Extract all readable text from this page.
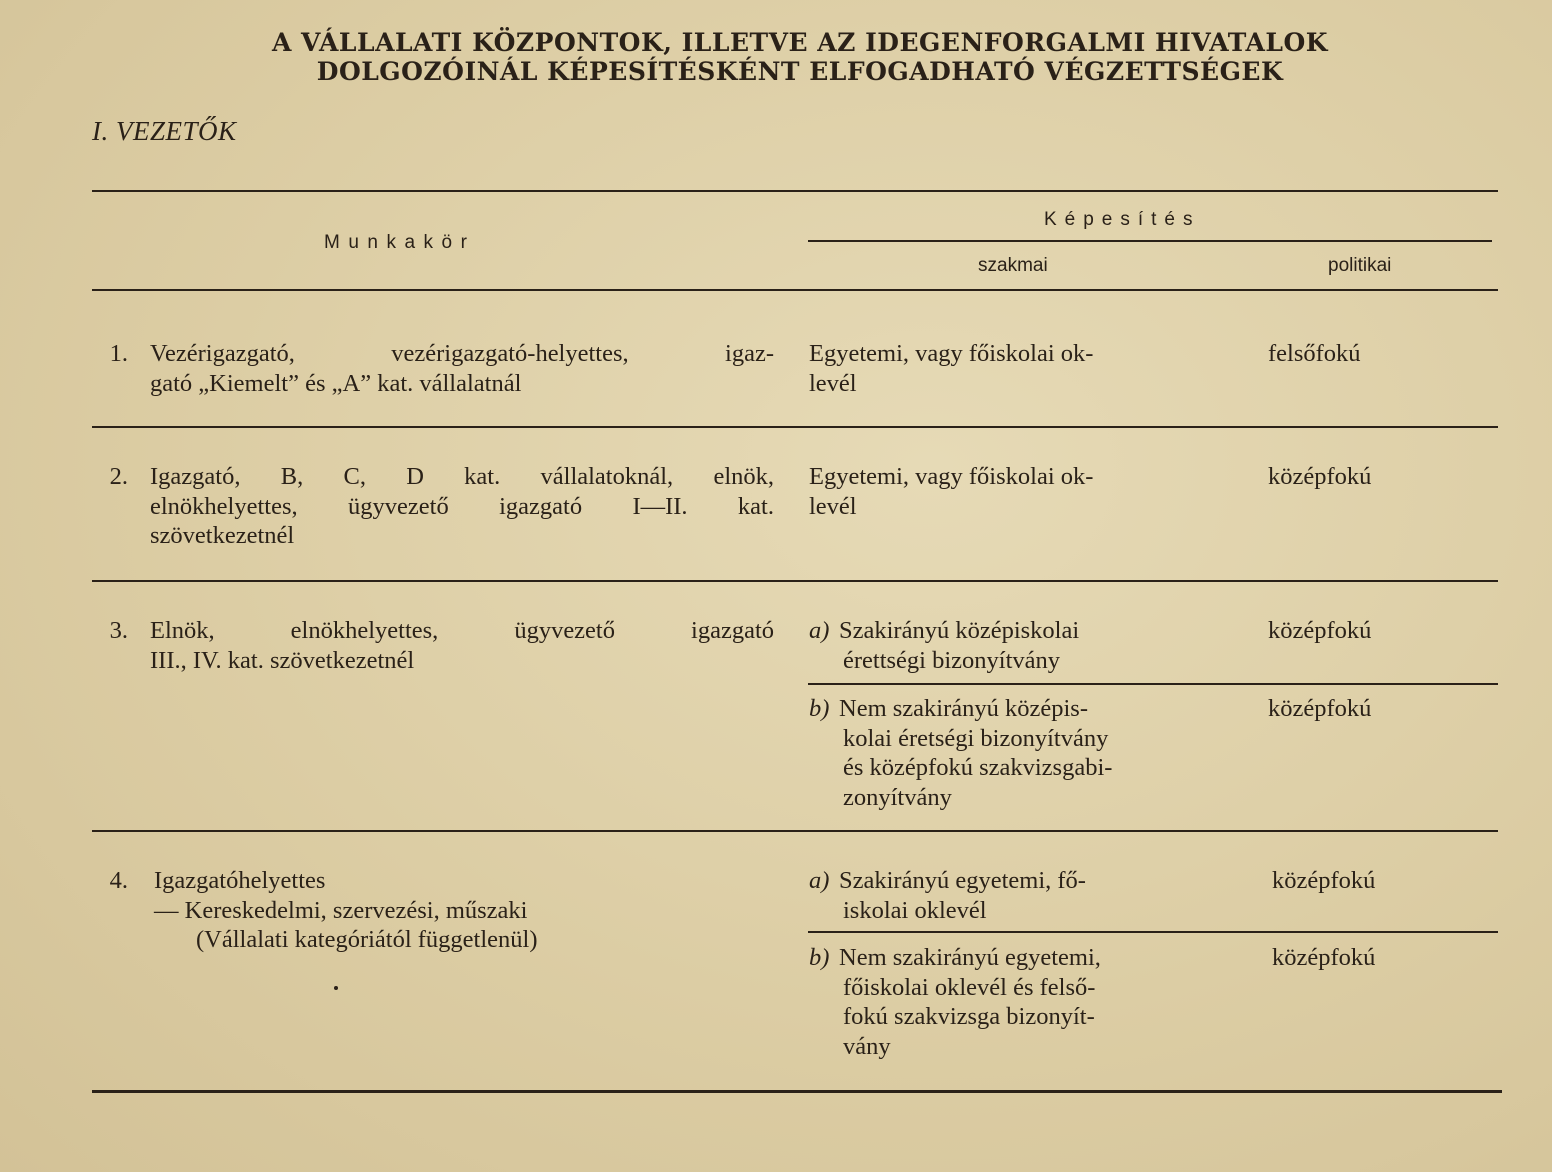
A VÁLLALATI KÖZPONTOK, ILLETVE AZ IDEGENFORGALMI HIVATALOK
DOLGOZÓINÁL KÉPESÍTÉSKÉNT ELFOGADHATÓ VÉGZETTSÉGEK
I. VEZETŐK
Munkakör
Képesítés
szakmai	politikai
1. Vezérigazgató, vezérigazgató-helyettes, igaz-
gató „Kiemelt” és „A” kat. vállalatnál
Egyetemi, vagy főiskolai ok-
levél
felsőfokú
2. Igazgató, B, C, D kat. vállalatoknál, elnök,
elnökhelyettes, ügyvezető igazgató I—II. kat.
szövetkezetnél
Egyetemi, vagy főiskolai ok-
levél
középfokú
3. Elnök, elnökhelyettes, ügyvezető igazgató
III., IV. kat. szövetkezetnél
a) Szakirányú középiskolai
érettségi bizonyítvány
középfokú
b) Nem szakirányú középis-
kolai éretségi bizonyítvány
és középfokú szakvizsgabi-
zonyítvány
középfokú
4. Igazgatóhelyettes
— Kereskedelmi, szervezési, műszaki
(Vállalati kategóriától függetlenül)
a) Szakirányú egyetemi, fő-
iskolai oklevél
középfokú
b) Nem szakirányú egyetemi,
főiskolai oklevél és felső-
fokú szakvizsga bizonyít-
vány
középfokú
